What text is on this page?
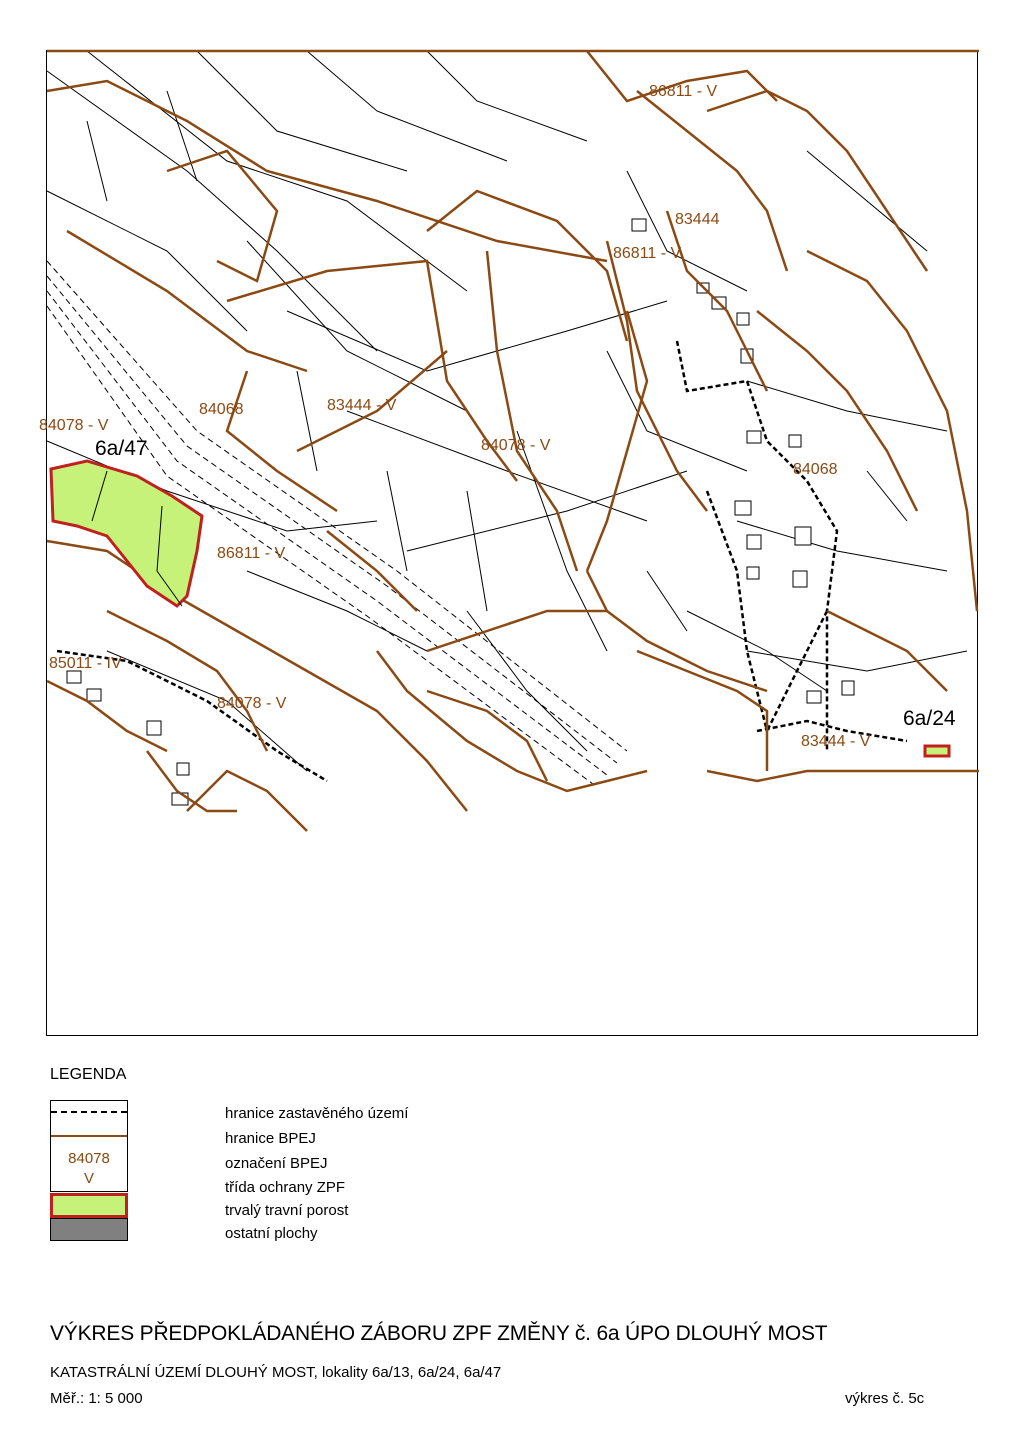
86811 - V
86811 - V
86811 - V
84078 - V
84078 - V
84068
84068
83444 - V
83444 - V
84078 - V
85011 - IV
83444
6a/47
6a/24
LEGENDA
84078
V
hranice zastavěného území
hranice BPEJ
označení BPEJ
třída ochrany ZPF
trvalý travní porost
ostatní plochy
VÝKRES PŘEDPOKLÁDANÉHO ZÁBORU ZPF ZMĚNY č. 6a ÚPO DLOUHÝ MOST
KATASTRÁLNÍ ÚZEMÍ DLOUHÝ MOST, lokality 6a/13, 6a/24, 6a/47
Měř.: 1: 5 000	výkres č. 5c
